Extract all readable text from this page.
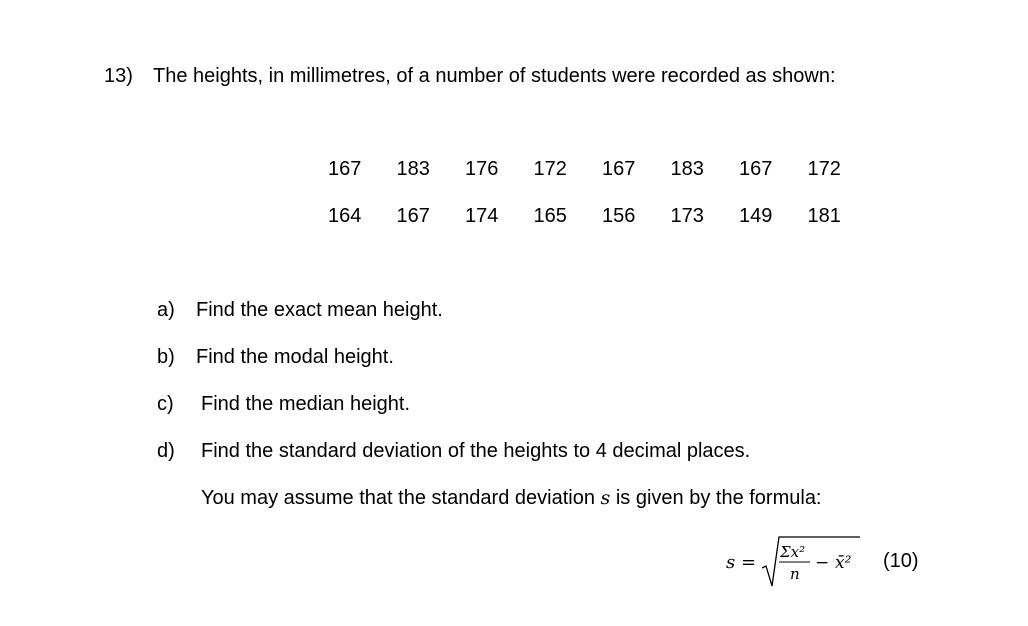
13) The heights, in millimetres, of a number of students were recorded as shown:
167	183	176	172	167	183	167	172
164	167	174	165	156	173	149	181
a) Find the exact mean height.
b) Find the modal height.
c) Find the median height.
d) Find the standard deviation of the heights to 4 decimal places.
You may assume that the standard deviation s is given by the formula:
s = Σx²
n
− x̄² (10)
